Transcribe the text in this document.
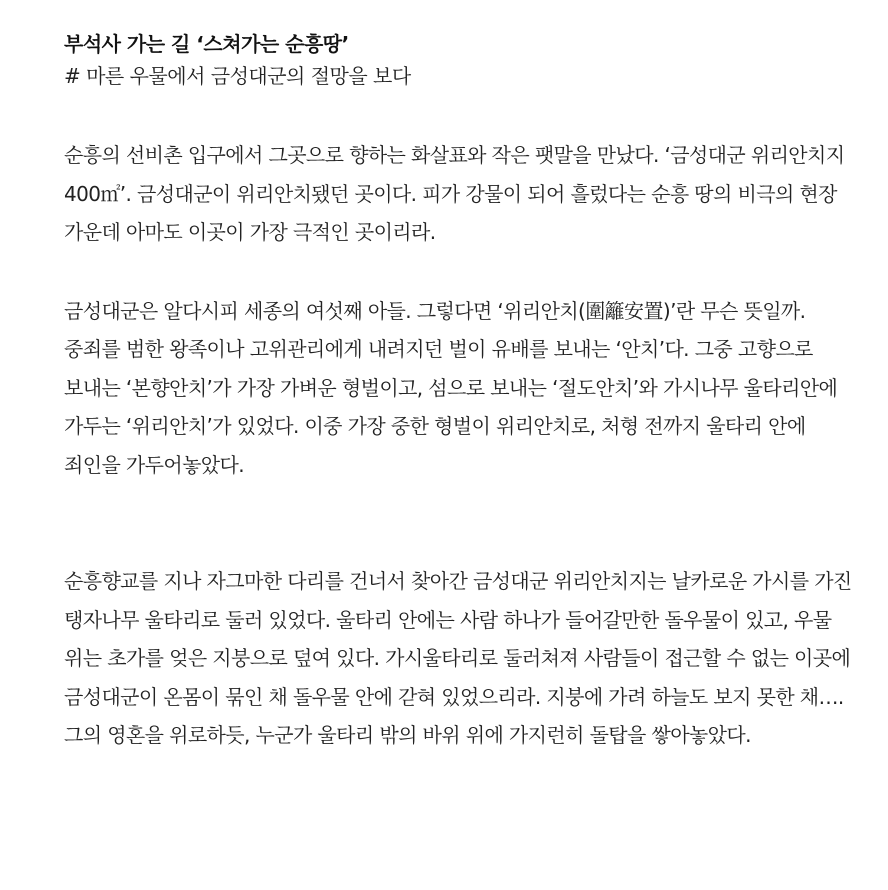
부석사 가는 길 ‘스쳐가는 순흥땅’

# 마른 우물에서 금성대군의 절망을 보다

순흥의 선비촌 입구에서 그곳으로 향하는 화살표와 작은 팻말을 만났다. ‘금성대군 위리안치지 400㎡’. 금성대군이 위리안치됐던 곳이다. 피가 강물이 되어 흘렀다는 순흥 땅의 비극의 현장 가운데 아마도 이곳이 가장 극적인 곳이리라.

금성대군은 알다시피 세종의 여섯째 아들. 그렇다면 ‘위리안치(圍籬安置)’란 무슨 뜻일까. 중죄를 범한 왕족이나 고위관리에게 내려지던 벌이 유배를 보내는 ‘안치’다. 그중 고향으로 보내는 ‘본향안치’가 가장 가벼운 형벌이고, 섬으로 보내는 ‘절도안치’와 가시나무 울타리안에 가두는 ‘위리안치’가 있었다. 이중 가장 중한 형벌이 위리안치로, 처형 전까지 울타리 안에 죄인을 가두어놓았다.

순흥향교를 지나 자그마한 다리를 건너서 찾아간 금성대군 위리안치지는 날카로운 가시를 가진 탱자나무 울타리로 둘러 있었다. 울타리 안에는 사람 하나가 들어갈만한 돌우물이 있고, 우물 위는 초가를 엊은 지붕으로 덮여 있다. 가시울타리로 둘러쳐져 사람들이 접근할 수 없는 이곳에 금성대군이 온몸이 묶인 채 돌우물 안에 갇혀 있었으리라. 지붕에 가려 하늘도 보지 못한 채…. 그의 영혼을 위로하듯, 누군가 울타리 밖의 바위 위에 가지런히 돌탑을 쌓아놓았다.
